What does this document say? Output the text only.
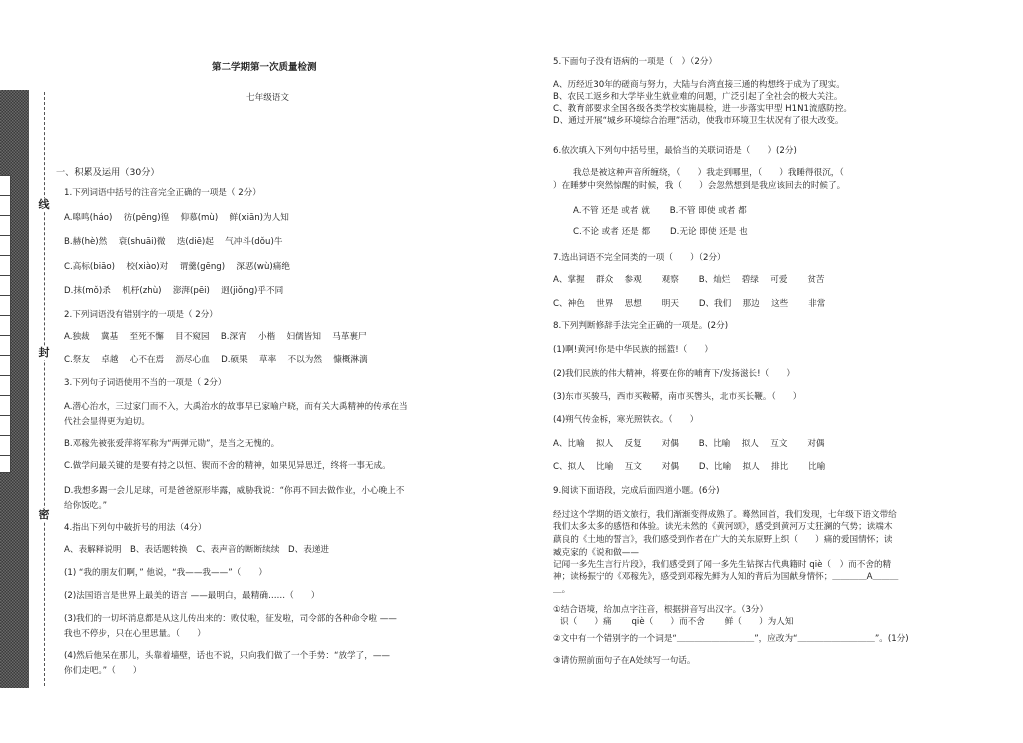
线
封
密
第二学期第一次质量检测
七年级语文
一、积累及运用（30分）
1.下列词语中括号的注音完全正确的一项是（ 2分）
A.嗥鸣(háo)　 彷(pēng)徨　 仰慕(mù)　 鲜(xiān)为人知
B.赫(hè)然　 衰(shuāi)微　 迭(diē)起　 气冲斗(dǒu)牛
C.高标(biāo)　 校(xiào)对　 谓羹(gēng)　 深恶(wù)痛绝
D.抹(mǒ)杀　 机杼(zhù)　 澎湃(pēi)　 迥(jiǒng)乎不同
2.下列词语没有错别字的一项是（ 2分）
A.独裁　 冀基　 至死不懈　 目不窥园　 B.深宵　 小楷　 妇儒皆知　 马革裹尸
C.祭友　 卓越　 心不在焉　 沥尽心血　 D.硕果　 草率　 不以为然　 慷概淋漓
3.下列句子词语使用不当的一项是（ 2分）
A.潜心治水，三过家门而不入，大禹治水的故事早已家喻户晓，而有关大禹精神的传承在当
代社会显得更为迫切。
B.邓稼先被张爱萍将军称为“两弹元勋”，是当之无愧的。
C.做学问最关键的是要有持之以恒、锲而不舍的精神，如果见异思迁，终将一事无成。
D.我想多踢一会儿足球，可是爸爸原形毕露，威胁我说：“你再不回去做作业，小心晚上不
给你饭吃。”
4.指出下列句中破折号的用法（4分）
A、表解释说明　B、表话题转换　C、表声音的断断续续　D、表递进
(1) “我的朋友们啊，” 他说，“我——我——”（　　）
(2)法国语言是世界上最美的语言 ——最明白，最精确……（　　）
(3)我们的一切坏消息都是从这儿传出来的：败仗啦，征发啦，司令部的各种命令啦 ——
我也不停步，只在心里思量。（　　）
(4)然后他呆在那儿，头靠着墙壁，话也不说，只向我们做了一个手势：“放学了，——
你们走吧。”（　　）
5.下面句子没有语病的一项是（　）（2分）
A、历经近30年的磋商与努力，大陆与台湾直接三通的构想终于成为了现实。
B、农民工返乡和大学毕业生就业难的问题，广泛引起了全社会的极大关注。
C、教育部要求全国各级各类学校实施晨检，进一步落实甲型 H1N1流感防控。
D、通过开展“城乡环境综合治理”活动，使我市环境卫生状况有了很大改变。
6.依次填入下列句中括号里，最恰当的关联词语是（　　）(2分)
我总是被这种声音所缠绕，（　　）我走到哪里，（　　）我睡得很沉，（
）在睡梦中突然惊醒的时候，我（　　）会忽然想到是我应该回去的时候了。
A.不管 还是 或者 就　　 B.不管 即使 或者 都
C.不论 或者 还是 都　　 D.无论 即使 还是 也
7.选出词语不完全同类的一项（　　）（2分）
A、掌握　 群众　 参观　　 观察　　 B、灿烂　 碧绿　 可爱　　 贫苦
C、神色　 世界　 思想　　 明天　　 D、我们　 那边　 这些　　 非常
8.下列判断修辞手法完全正确的一项是。(2分)
(1)啊!黄河!你是中华民族的摇篮!（　　）
(2)我们民族的伟大精神，将要在你的哺育下/发扬滋长!（　　）
(3)东市买骏马，西市买鞍鞯，南市买辔头，北市买长鞭。（　　）
(4)朔气传金柝，寒光照铁衣。（　　）
A、比喻　 拟人　 反复　　 对偶　　 B、比喻　 拟人　 互文　　 对偶
C、拟人　 比喻　 互文　　 对偶　　 D、比喻　 拟人　 排比　　 比喻
9.阅读下面语段，完成后面四道小题。(6分)
经过这个学期的语文旅行，我们渐渐变得成熟了。蓦然回首，我们发现，七年级下语文带给
我们太多太多的感悟和体验。读光未然的《黄河颂》，感受到黄河万丈狂澜的气势；读端木
蕻良的《土地的誓言》，我们感受到作者在广大的关东原野上织（　　）痛的爱国情怀；读
臧克家的《说和做——
记闻一多先生言行片段》，我们感受到了闻一多先生钻探古代典籍时 qiè（　）而不舍的精
神；读杨振宁的《邓稼先》，感受到邓稼先鲜为人知的背后为国献身情怀；＿＿＿＿A＿＿＿
＿。
①结合语境，给加点字注音，根据拼音写出汉字。（3分）
识（　　）痛　　 qiè（　　）而不舍　　 鲜（　　）为人知
②文中有一个错别字的一个词是“＿＿＿＿＿＿＿＿＿”，应改为“＿＿＿＿＿＿＿＿＿”。(1分)
③请仿照前面句子在A处续写一句话。
